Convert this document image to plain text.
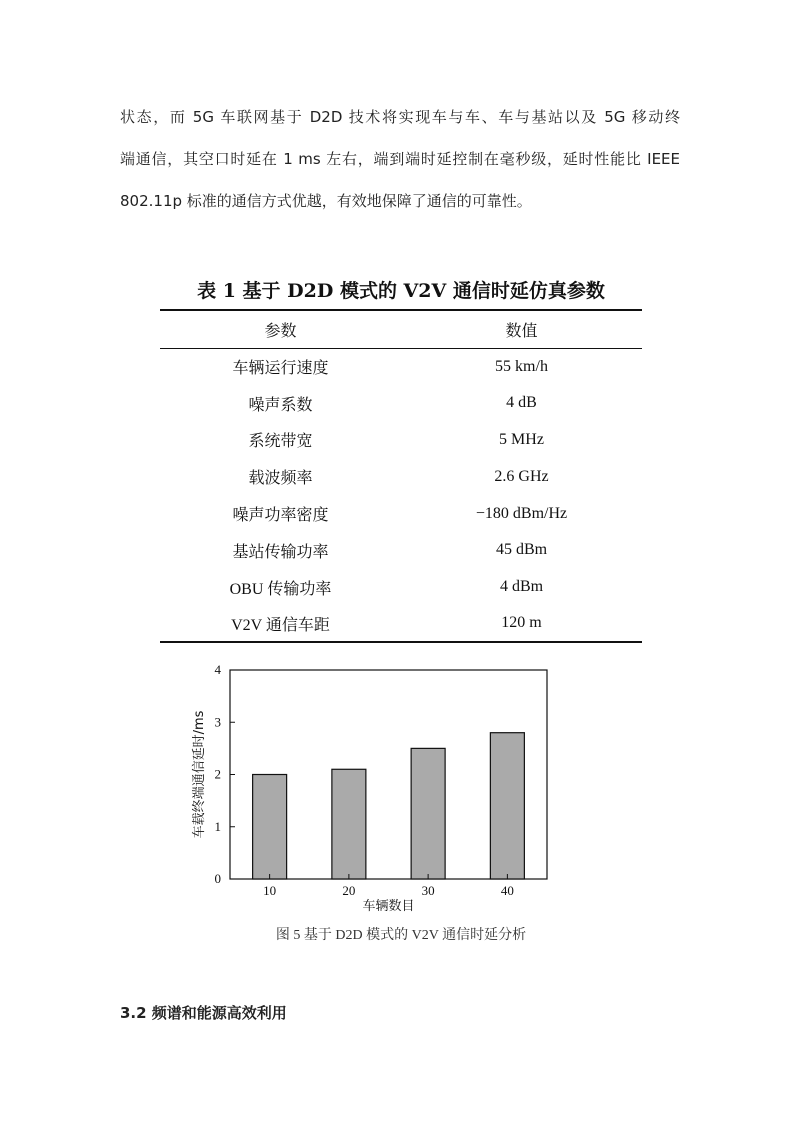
状态，而 5G 车联网基于 D2D 技术将实现车与车、车与基站以及 5G 移动终
端通信，其空口时延在 1 ms 左右，端到端时延控制在毫秒级，延时性能比 IEEE
802.11p 标准的通信方式优越，有效地保障了通信的可靠性。
表 1 基于 D2D 模式的 V2V 通信时延仿真参数
参数	数值
车辆运行速度	55 km/h
噪声系数	4 dB
系统带宽	5 MHz
载波频率	2.6 GHz
噪声功率密度	−180 dBm/Hz
基站传输功率	45 dBm
OBU 传输功率	4 dBm
V2V 通信车距	120 m
0
1
2
3
4
10	20	30	40
车辆数目
车载终端通信延时/ms
图 5 基于 D2D 模式的 V2V 通信时延分析
3.2 频谱和能源高效利用
